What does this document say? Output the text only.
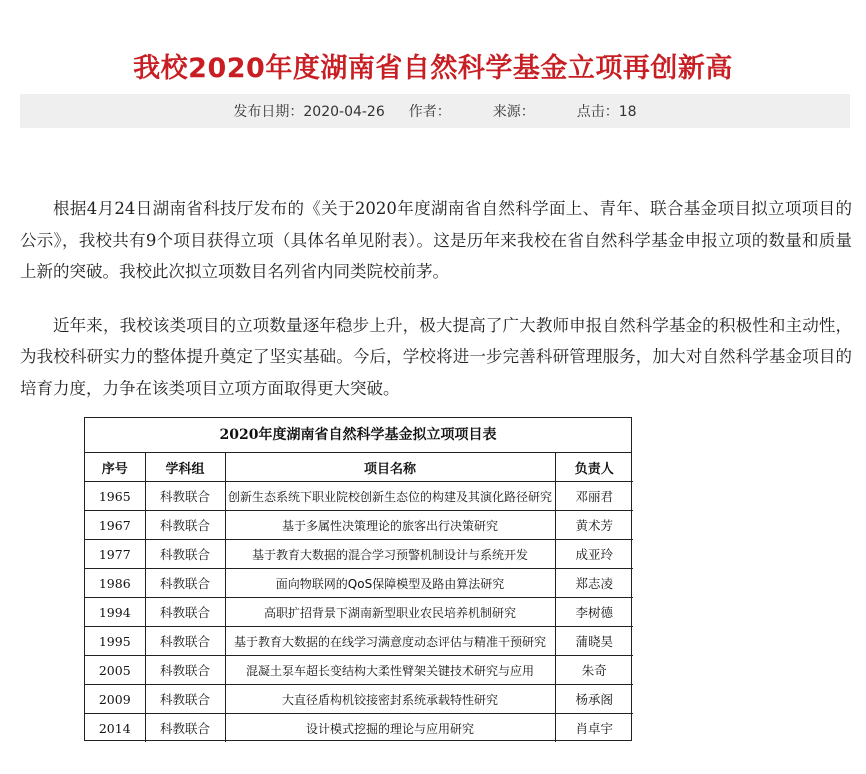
我校2020年度湖南省自然科学基金立项再创新高
发布日期：2020-04-26 作者：	来源：	点击：18

根据4月24日湖南省科技厅发布的《关于2020年度湖南省自然科学面上、青年、联合基金项目拟立项项目的公示》，我校共有9个项目获得立项（具体名单见附表）。这是历年来我校在省自然科学基金申报立项的数量和质量上新的突破。我校此次拟立项数目名列省内同类院校前茅。

近年来，我校该类项目的立项数量逐年稳步上升，极大提高了广大教师申报自然科学基金的积极性和主动性，为我校科研实力的整体提升奠定了坚实基础。今后，学校将进一步完善科研管理服务，加大对自然科学基金项目的培育力度，力争在该类项目立项方面取得更大突破。

2020年度湖南省自然科学基金拟立项项目表
序号	学科组	项目名称	负责人
1965	科教联合	创新生态系统下职业院校创新生态位的构建及其演化路径研究	邓丽君
1967	科教联合	基于多属性决策理论的旅客出行决策研究	黄术芳
1977	科教联合	基于教育大数据的混合学习预警机制设计与系统开发	成亚玲
1986	科教联合	面向物联网的QoS保障模型及路由算法研究	郑志凌
1994	科教联合	高职扩招背景下湖南新型职业农民培养机制研究	李树德
1995	科教联合	基于教育大数据的在线学习满意度动态评估与精准干预研究	蒲晓昊
2005	科教联合	混凝土泵车超长变结构大柔性臂架关键技术研究与应用	朱奇
2009	科教联合	大直径盾构机铰接密封系统承载特性研究	杨承阁
2014	科教联合	设计模式挖掘的理论与应用研究	肖卓宇
